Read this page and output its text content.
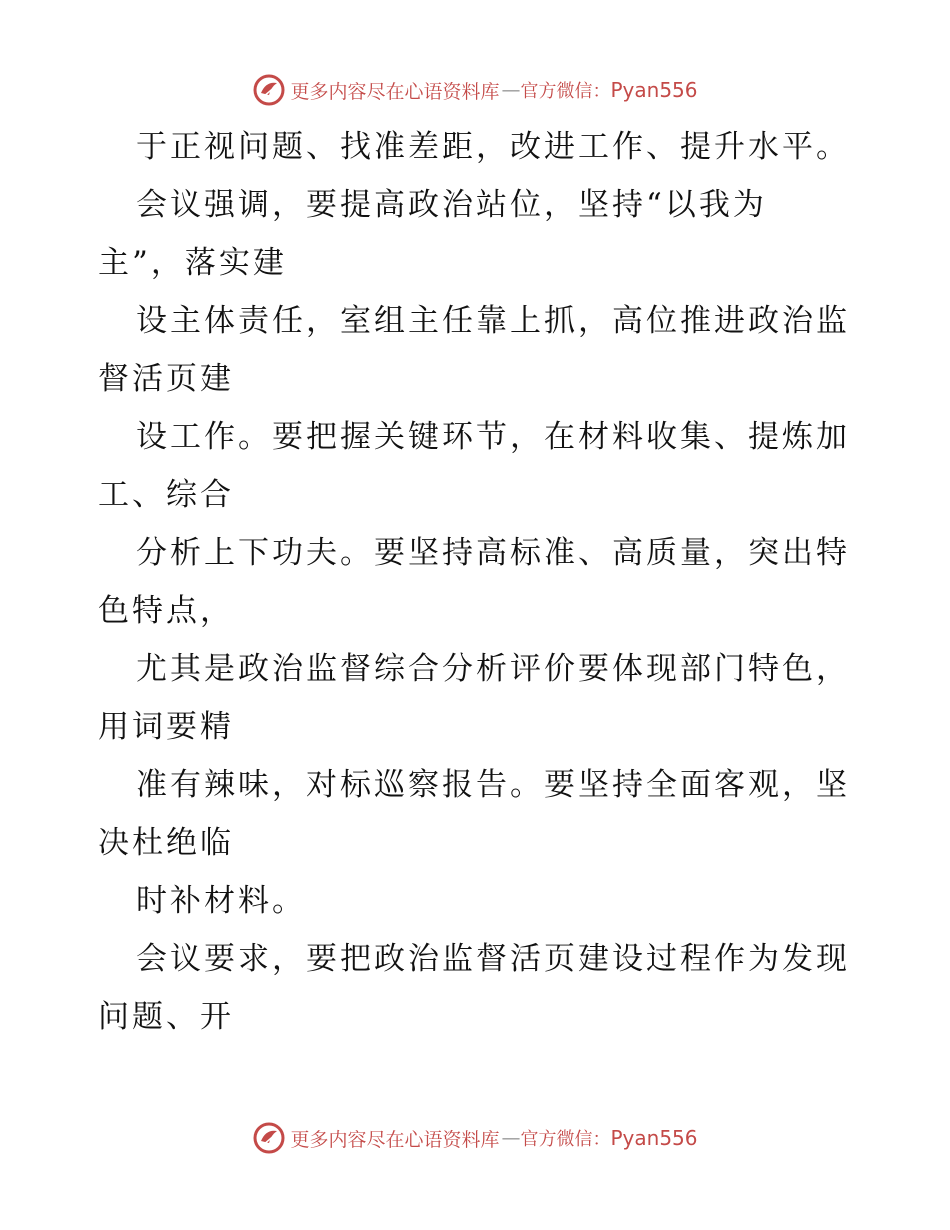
更多内容尽在心语资料库 — 官方微信： Pyan556
于正视问题、找准差距，改进工作、提升水平。
会议强调，要提高政治站位，坚持“以我为
主”，落实建
设主体责任，室组主任靠上抓，高位推进政治监
督活页建
设工作。要把握关键环节，在材料收集、提炼加
工、综合
分析上下功夫。要坚持高标准、高质量，突出特
色特点，
尤其是政治监督综合分析评价要体现部门特色，
用词要精
准有辣味，对标巡察报告。要坚持全面客观，坚
决杜绝临
时补材料。
会议要求，要把政治监督活页建设过程作为发现
问题、开
更多内容尽在心语资料库 — 官方微信： Pyan556
